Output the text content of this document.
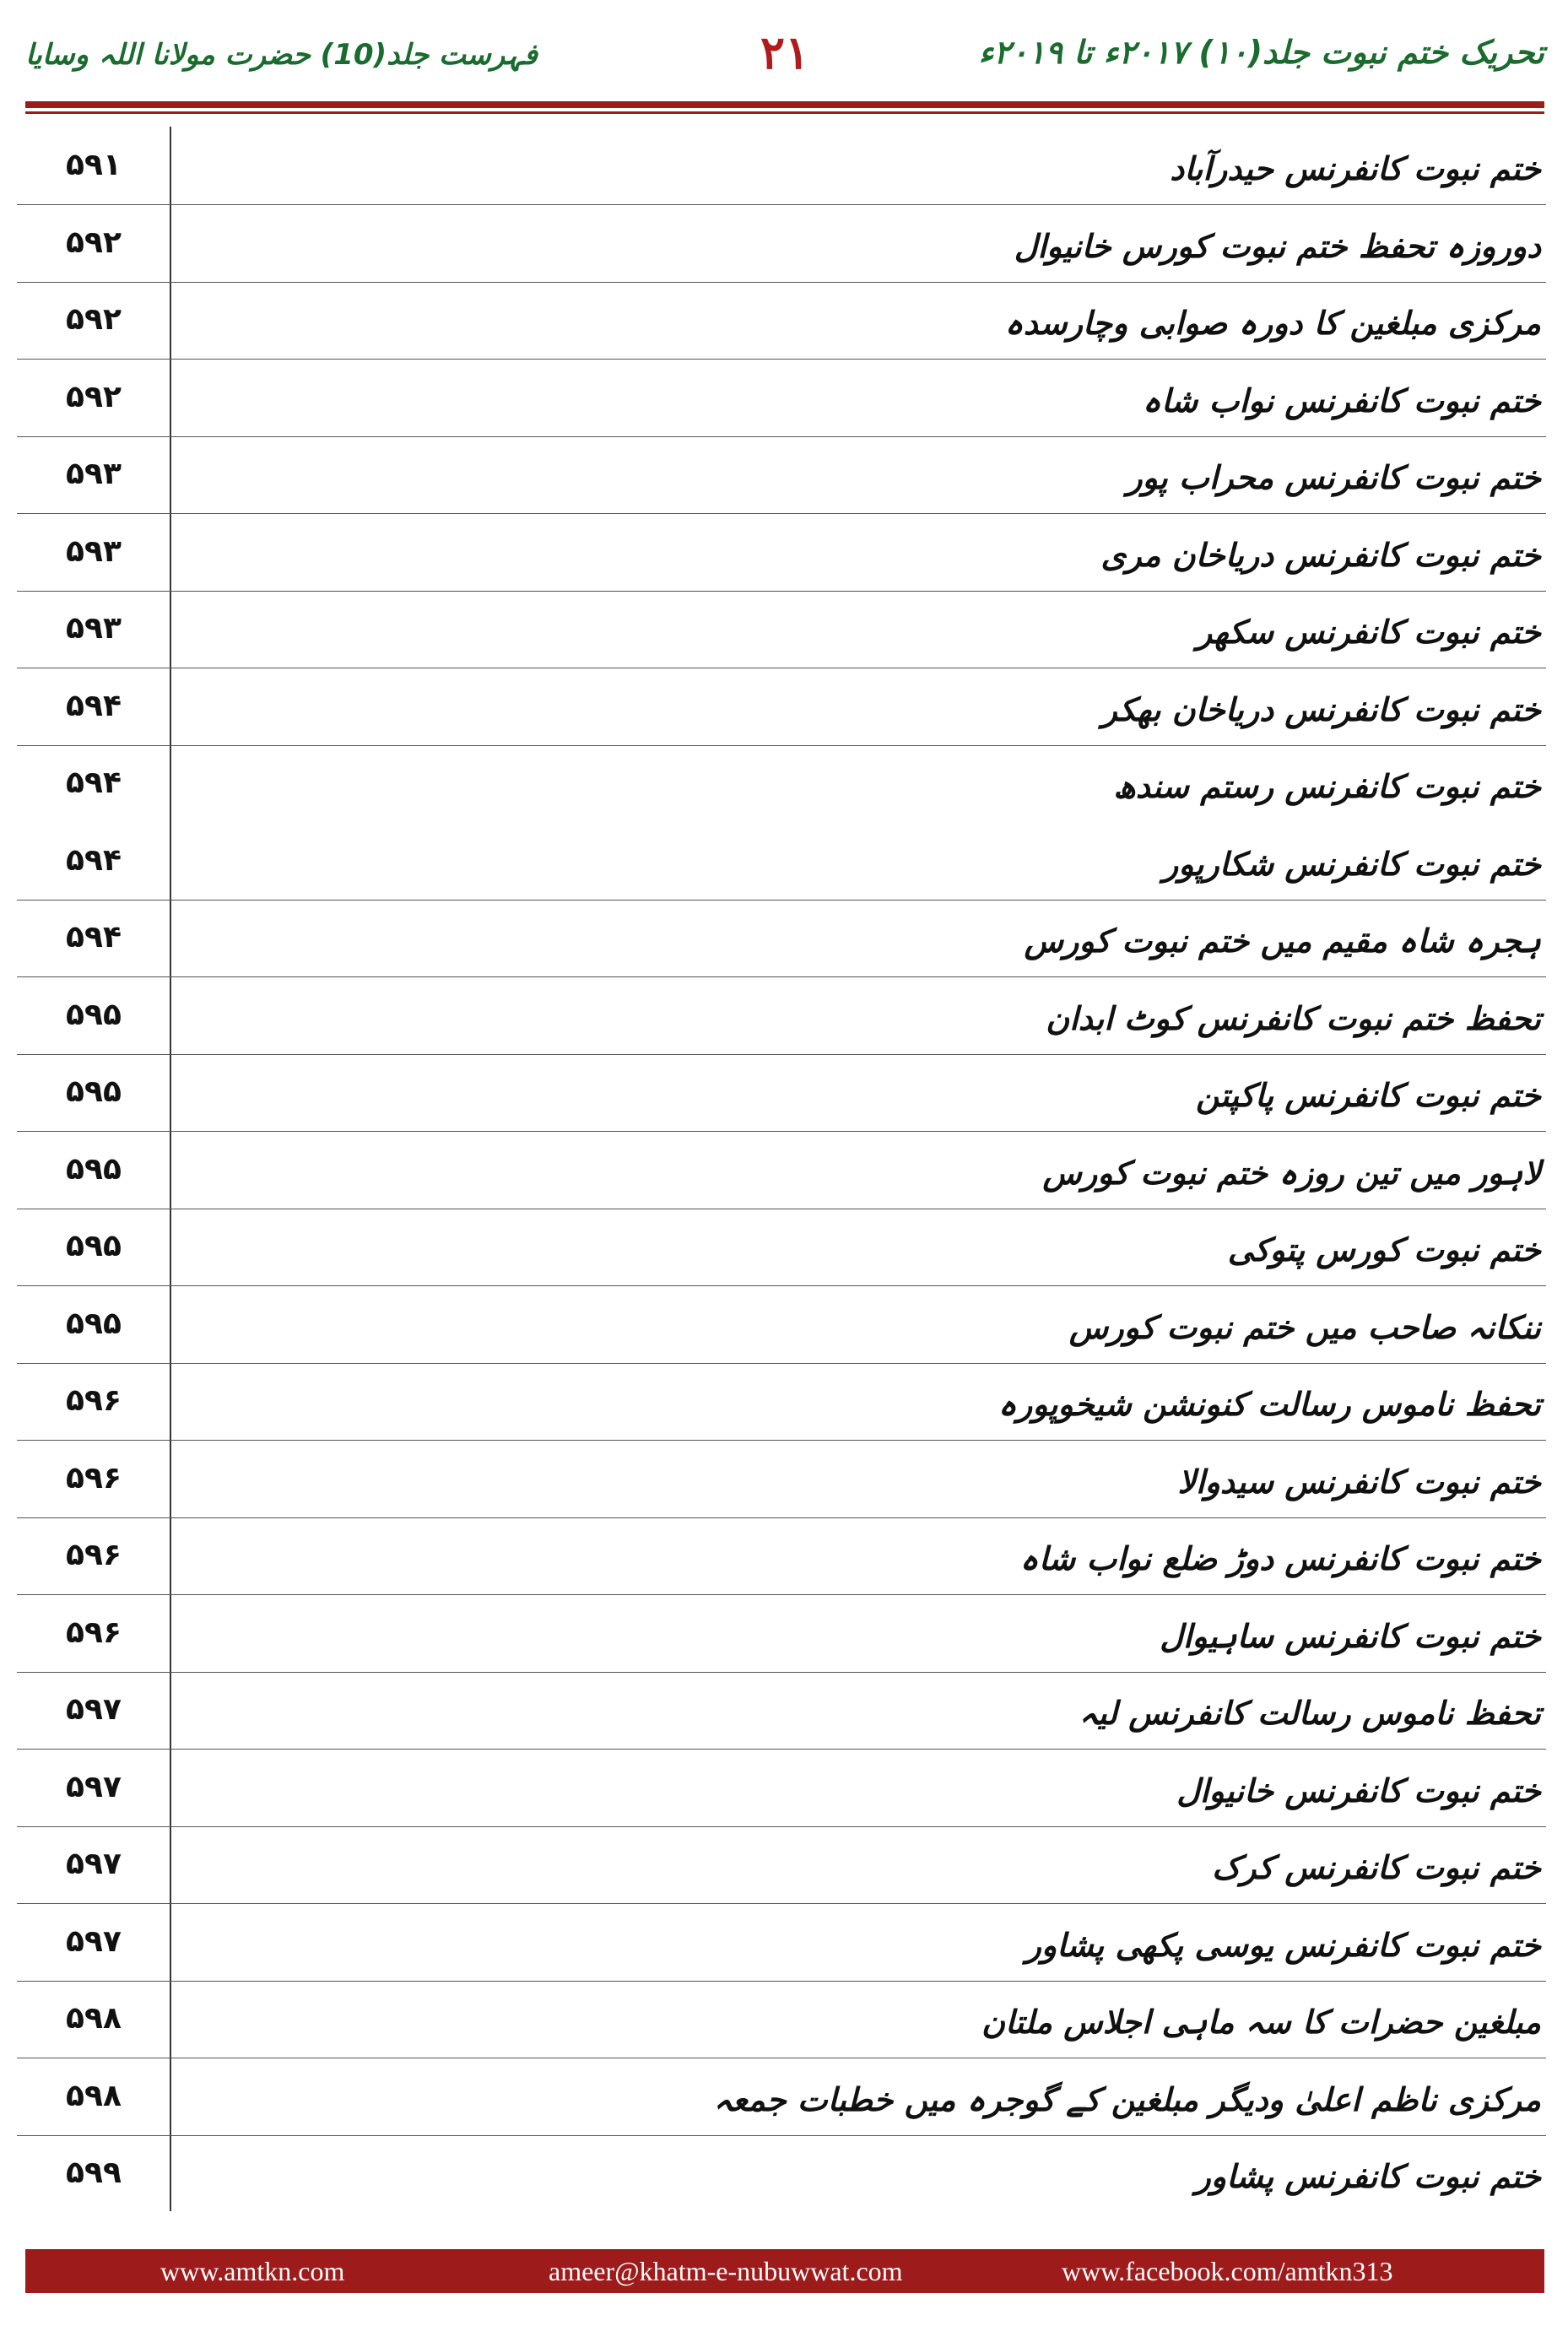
تحریک ختم نبوت جلد(۱۰) ۲۰۱۷ء تا ۲۰۱۹ء
۲۱
فہرست جلد(10) حضرت مولانا اللہ وسایا
۵۹۱	ختم نبوت کانفرنس حیدرآباد
۵۹۲	دوروزہ تحفظ ختم نبوت کورس خانیوال
۵۹۲	مرکزی مبلغین کا دورہ صوابی وچارسدہ
۵۹۲	ختم نبوت کانفرنس نواب شاہ
۵۹۳	ختم نبوت کانفرنس محراب پور
۵۹۳	ختم نبوت کانفرنس دریاخان مری
۵۹۳	ختم نبوت کانفرنس سکھر
۵۹۴	ختم نبوت کانفرنس دریاخان بھکر
۵۹۴	ختم نبوت کانفرنس رستم سندھ
۵۹۴	ختم نبوت کانفرنس شکارپور
۵۹۴	ہجرہ شاہ مقیم میں ختم نبوت کورس
۵۹۵	تحفظ ختم نبوت کانفرنس کوٹ ابدان
۵۹۵	ختم نبوت کانفرنس پاکپتن
۵۹۵	لاہور میں تین روزہ ختم نبوت کورس
۵۹۵	ختم نبوت کورس پتوکی
۵۹۵	ننکانہ صاحب میں ختم نبوت کورس
۵۹۶	تحفظ ناموس رسالت کنونشن شیخوپورہ
۵۹۶	ختم نبوت کانفرنس سیدوالا
۵۹۶	ختم نبوت کانفرنس دوڑ ضلع نواب شاہ
۵۹۶	ختم نبوت کانفرنس ساہیوال
۵۹۷	تحفظ ناموس رسالت کانفرنس لیہ
۵۹۷	ختم نبوت کانفرنس خانیوال
۵۹۷	ختم نبوت کانفرنس کرک
۵۹۷	ختم نبوت کانفرنس یوسی پکھی پشاور
۵۹۸	مبلغین حضرات کا سہ ماہی اجلاس ملتان
۵۹۸	مرکزی ناظم اعلیٰ ودیگر مبلغین کے گوجرہ میں خطبات جمعہ
۵۹۹	ختم نبوت کانفرنس پشاور
www.amtkn.com	ameer@khatm-e-nubuwwat.com	www.facebook.com/amtkn313
